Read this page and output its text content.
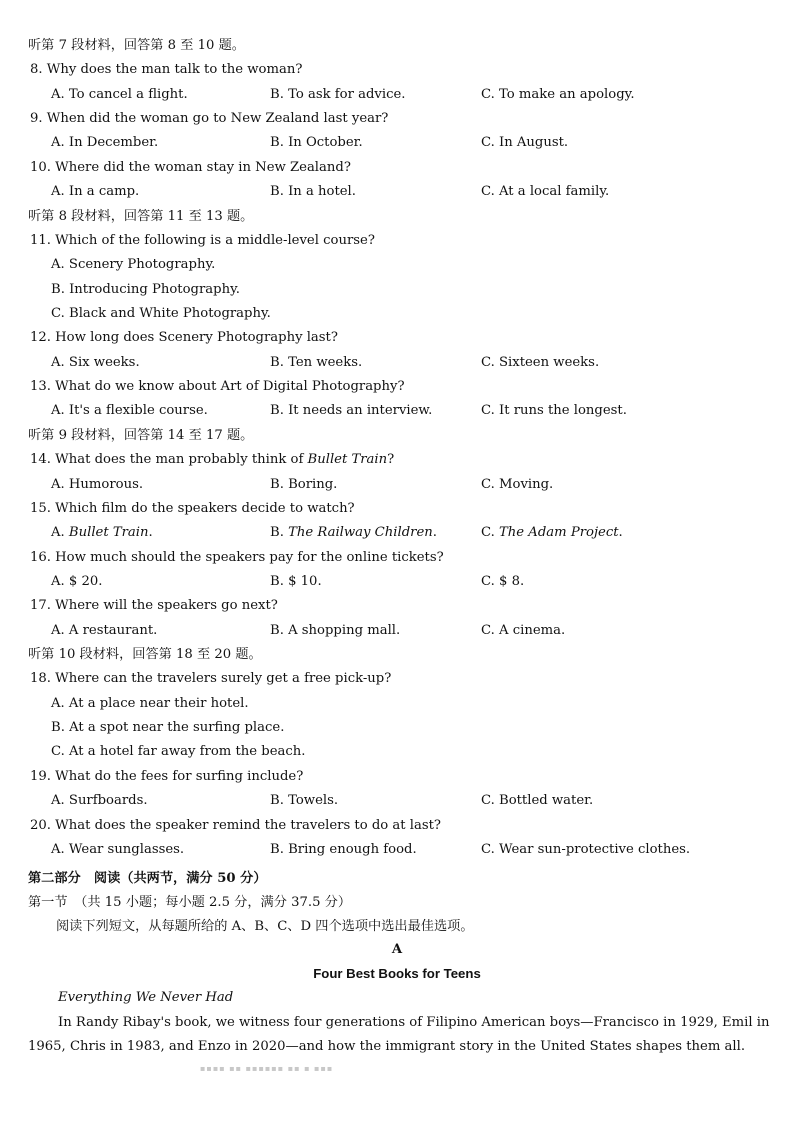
听第 7 段材料，回答第 8 至 10 题。
8. Why does the man talk to the woman?
A. To cancel a flight.	B. To ask for advice.	C. To make an apology.
9. When did the woman go to New Zealand last year?
A. In December.	B. In October.	C. In August.
10. Where did the woman stay in New Zealand?
A. In a camp.	B. In a hotel.	C. At a local family.
听第 8 段材料，回答第 11 至 13 题。
11. Which of the following is a middle-level course?
A. Scenery Photography.
B. Introducing Photography.
C. Black and White Photography.
12. How long does Scenery Photography last?
A. Six weeks.	B. Ten weeks.	C. Sixteen weeks.
13. What do we know about Art of Digital Photography?
A. It's a flexible course.	B. It needs an interview.	C. It runs the longest.
听第 9 段材料，回答第 14 至 17 题。
14. What does the man probably think of Bullet Train?
A. Humorous.	B. Boring.	C. Moving.
15. Which film do the speakers decide to watch?
A. Bullet Train.	B. The Railway Children.	C. The Adam Project.
16. How much should the speakers pay for the online tickets?
A. $ 20.	B. $ 10.	C. $ 8.
17. Where will the speakers go next?
A. A restaurant.	B. A shopping mall.	C. A cinema.
听第 10 段材料，回答第 18 至 20 题。
18. Where can the travelers surely get a free pick-up?
A. At a place near their hotel.
B. At a spot near the surfing place.
C. At a hotel far away from the beach.
19. What do the fees for surfing include?
A. Surfboards.	B. Towels.	C. Bottled water.
20. What does the speaker remind the travelers to do at last?
A. Wear sunglasses.	B. Bring enough food.	C. Wear sun-protective clothes.
第二部分　阅读（共两节，满分 50 分）
第一节　（共 15 小题；每小题 2.5 分，满分 37.5 分）
阅读下列短文，从每题所给的 A、B、C、D 四个选项中选出最佳选项。
A
Four Best Books for Teens
Everything We Never Had
In Randy Ribay's book, we witness four generations of Filipino American boys—Francisco in 1929, Emil in
1965, Chris in 1983, and Enzo in 2020—and how the immigrant story in the United States shapes them all.
▪▪▪▪ ▪▪ ▪▪▪▪▪▪ ▪▪ ▪ ▪▪▪
